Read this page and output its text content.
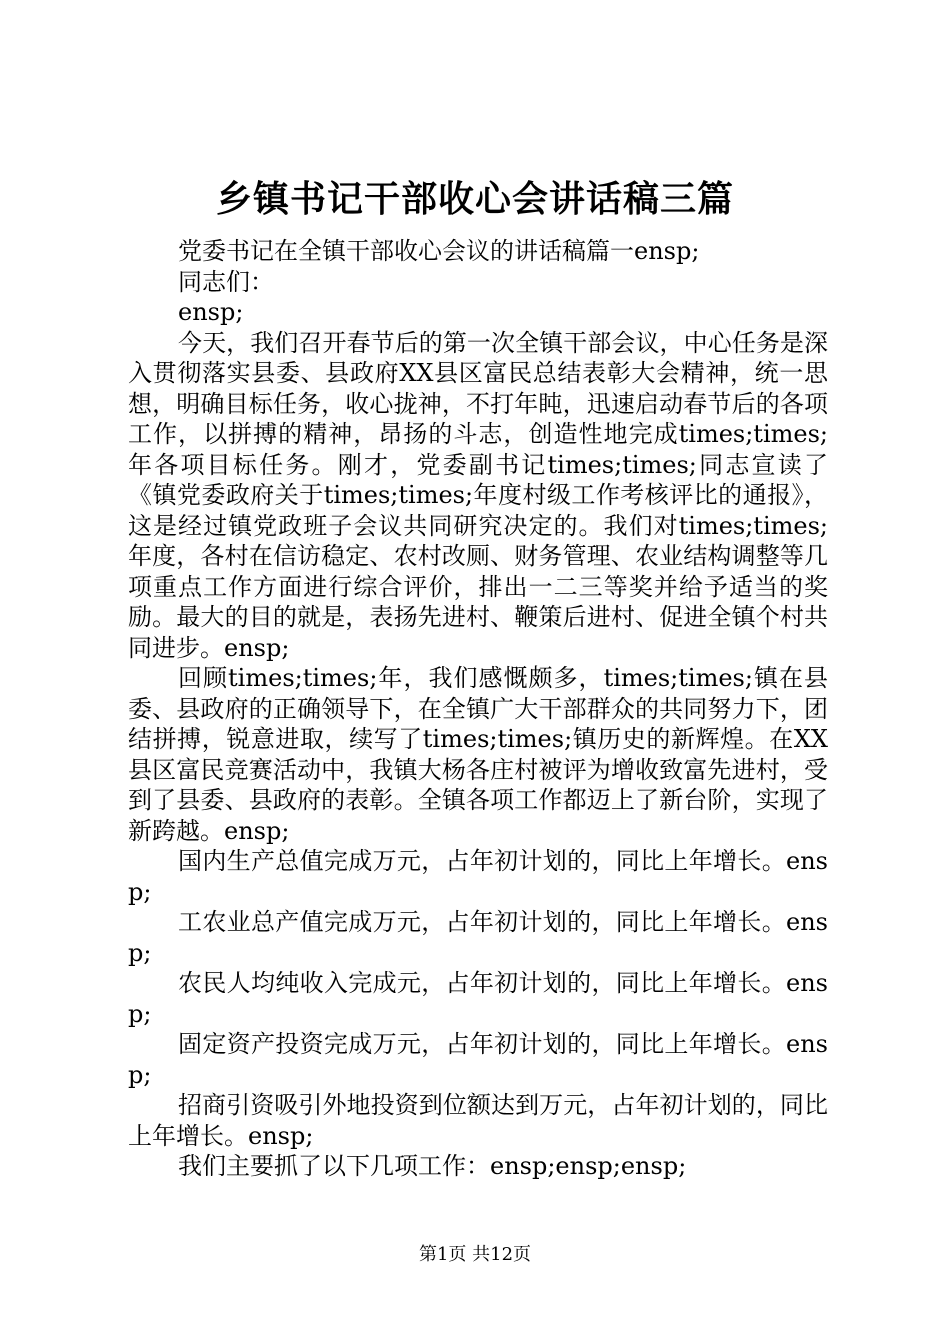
乡镇书记干部收心会讲话稿三篇

党委书记在全镇干部收心会议的讲话稿篇一ensp;

同志们：

ensp;

今天，我们召开春节后的第一次全镇干部会议，中心任务是深入贯彻落实县委、县政府XX县区富民总结表彰大会精神，统一思想，明确目标任务，收心拢神，不打年盹，迅速启动春节后的各项工作，以拼搏的精神，昂扬的斗志，创造性地完成times;times;年各项目标任务。刚才，党委副书记times;times;同志宣读了《镇党委政府关于times;times;年度村级工作考核评比的通报》，这是经过镇党政班子会议共同研究决定的。我们对times;times;年度，各村在信访稳定、农村改厕、财务管理、农业结构调整等几项重点工作方面进行综合评价，排出一二三等奖并给予适当的奖励。最大的目的就是，表扬先进村、鞭策后进村、促进全镇个村共同进步。ensp;

回顾times;times;年，我们感慨颇多，times;times;镇在县委、县政府的正确领导下，在全镇广大干部群众的共同努力下，团结拼搏，锐意进取，续写了times;times;镇历史的新辉煌。在XX县区富民竞赛活动中，我镇大杨各庄村被评为增收致富先进村，受到了县委、县政府的表彰。全镇各项工作都迈上了新台阶，实现了新跨越。ensp;

国内生产总值完成万元，占年初计划的，同比上年增长。ensp;

工农业总产值完成万元，占年初计划的，同比上年增长。ensp;

农民人均纯收入完成元，占年初计划的，同比上年增长。ensp;

固定资产投资完成万元，占年初计划的，同比上年增长。ensp;

招商引资吸引外地投资到位额达到万元，占年初计划的，同比上年增长。ensp;

我们主要抓了以下几项工作：ensp;ensp;ensp;

第1页 共12页
